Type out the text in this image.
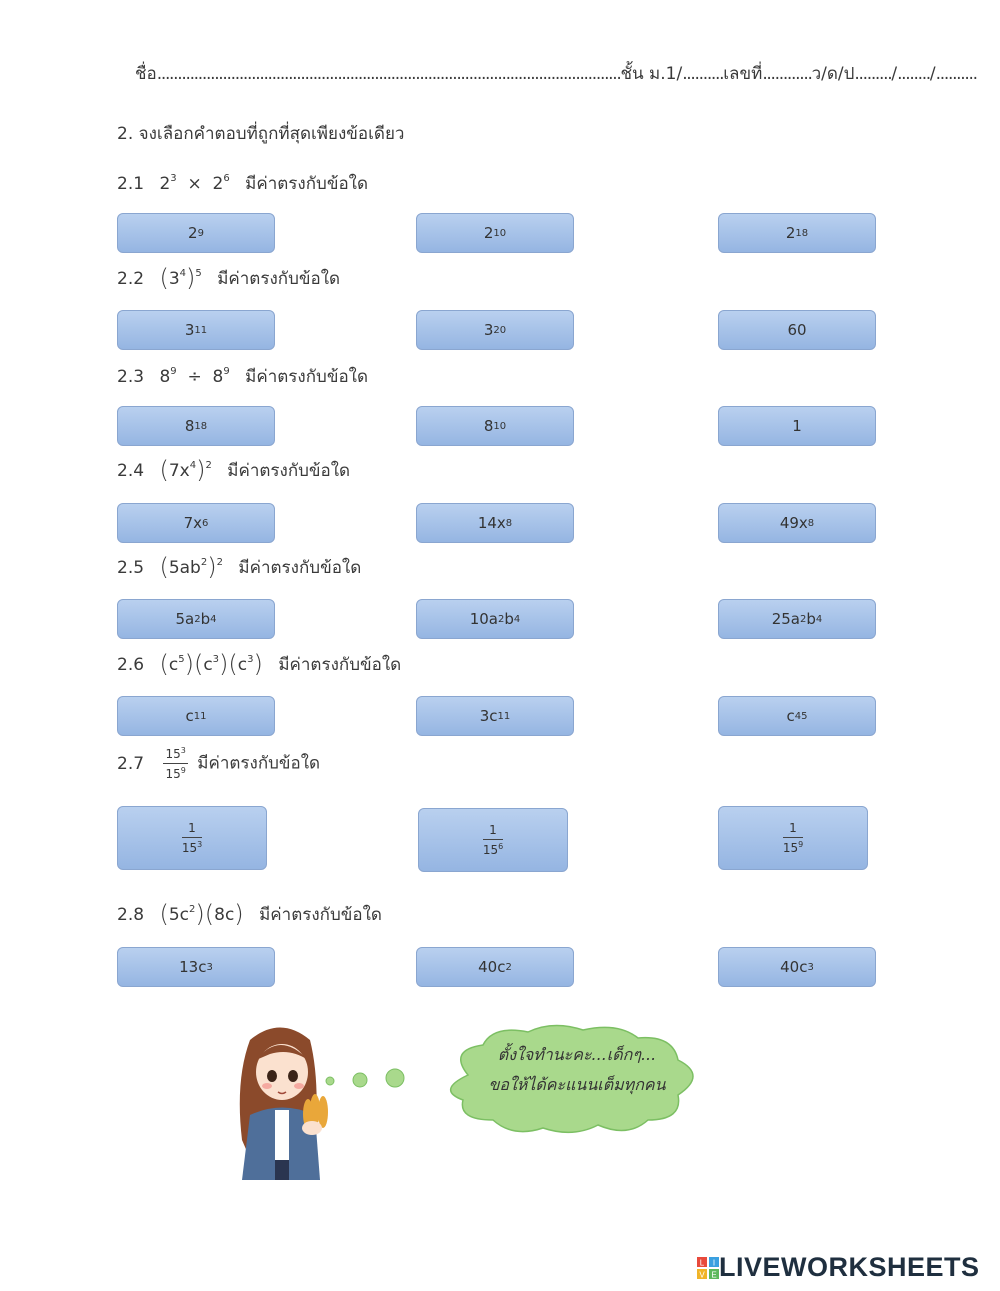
ชื่อ.................................................................................................................ชั้น ม.1/..........เลขที่............ว/ด/ป........./......../..........
2. จงเลือกคำตอบที่ถูกที่สุดเพียงข้อเดียว
2.1 $2^3 \times 2^6$ มีค่าตรงกับข้อใด
2 9	2 10	2 18
2.2 $(3^4)^5$ มีค่าตรงกับข้อใด
3 11	3 20	60
2.3 $8^9 \div 8^9$ มีค่าตรงกับข้อใด
8 18	8 10	1
2.4 $(7x^4)^2$ มีค่าตรงกับข้อใด
7x 6	14x 8	49x 8
2.5 $(5ab^2)^2$ มีค่าตรงกับข้อใด
5a 2 b 4	10a 2 b 4	25a 2 b 4
2.6 $(c^5)(c^3)(c^3)$ มีค่าตรงกับข้อใด
c 11	3c 11	c 45
$2.7 \frac{15^3}{15^9}$ มีค่าตรงกับข้อใด
$\frac{1}{15^3}$	$\frac{1}{15^6}$	$\frac{1}{15^9}$
2.8 $(5c^2)(8c)$ มีค่าตรงกับข้อใด
13c 3	40c 2	40c 3
ตั้งใจทำนะคะ...เด็กๆ...
ขอให้ได้คะแนนเต็มทุกคน
L I
V E LIVEWORKSHEETS
